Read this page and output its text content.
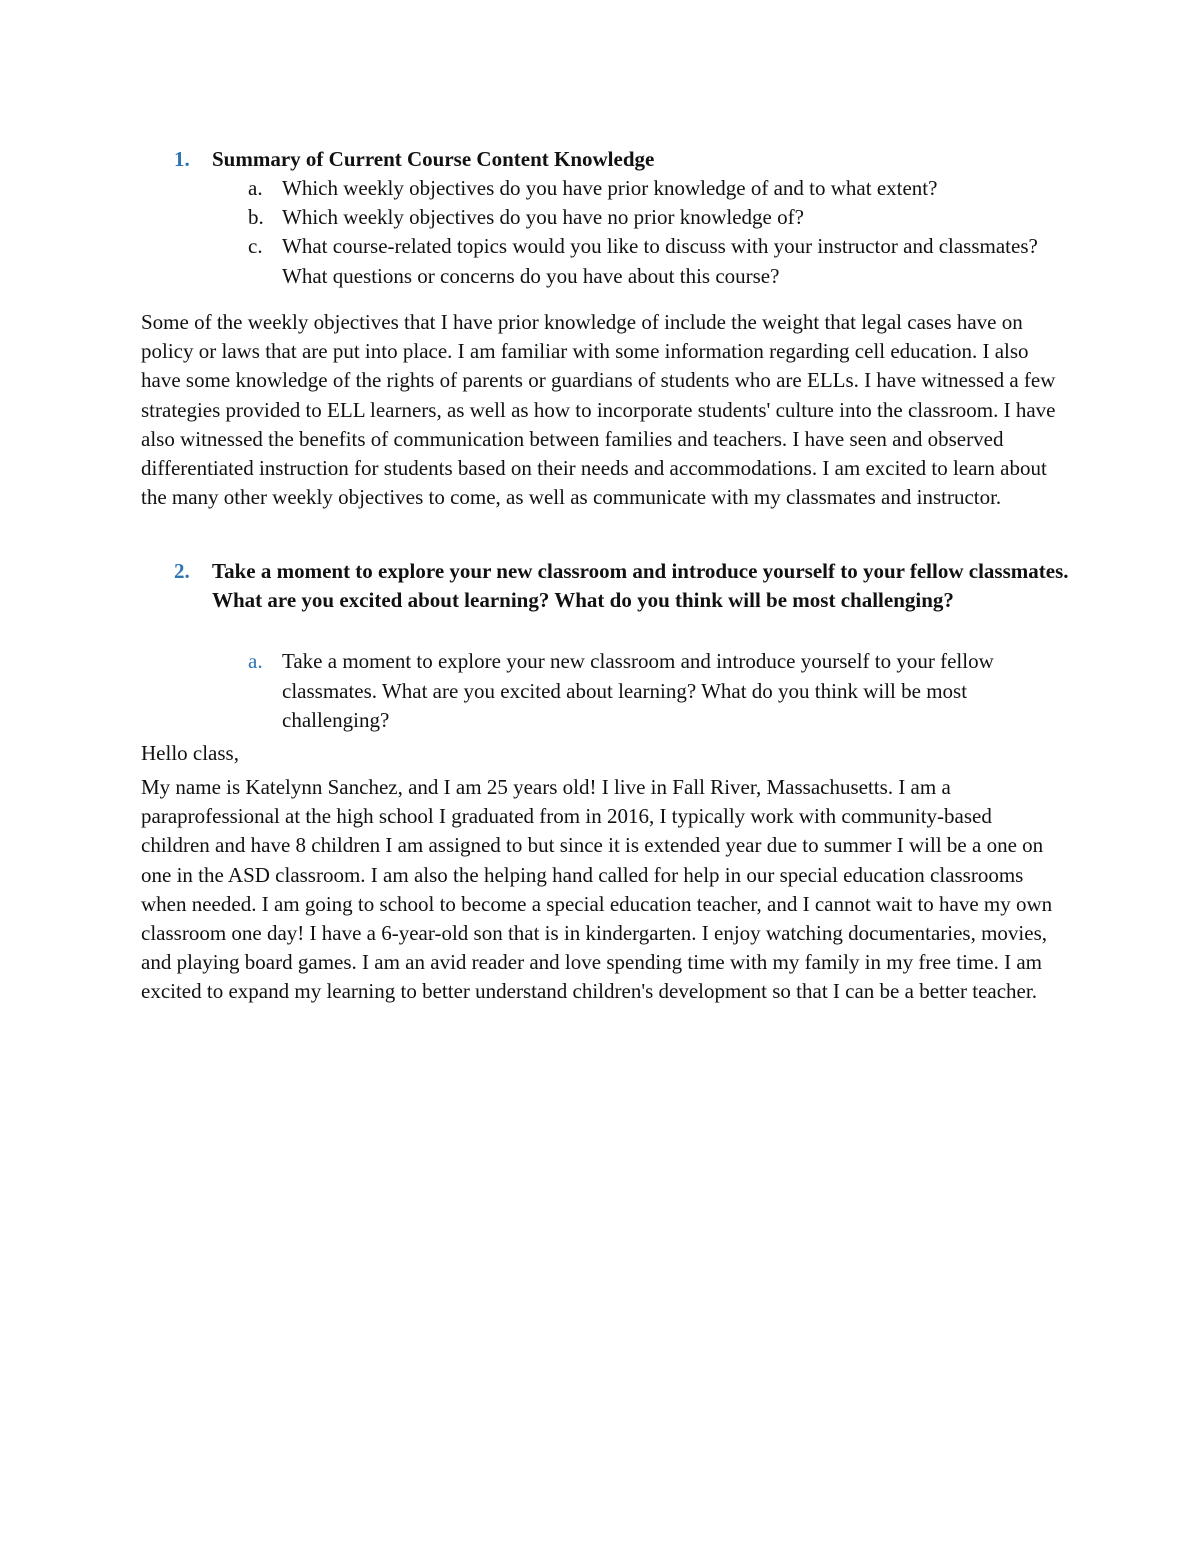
1.	Summary of Current Course Content Knowledge
a. Which weekly objectives do you have prior knowledge of and to what extent?
b. Which weekly objectives do you have no prior knowledge of?
c. What course-related topics would you like to discuss with your instructor and classmates? What questions or concerns do you have about this course?

Some of the weekly objectives that I have prior knowledge of include the weight that legal cases have on policy or laws that are put into place. I am familiar with some information regarding cell education. I also have some knowledge of the rights of parents or guardians of students who are ELLs. I have witnessed a few strategies provided to ELL learners, as well as how to incorporate students' culture into the classroom. I have also witnessed the benefits of communication between families and teachers. I have seen and observed differentiated instruction for students based on their needs and accommodations. I am excited to learn about the many other weekly objectives to come, as well as communicate with my classmates and instructor.

2.	Take a moment to explore your new classroom and introduce yourself to your fellow classmates. What are you excited about learning? What do you think will be most challenging?
a. Take a moment to explore your new classroom and introduce yourself to your fellow classmates. What are you excited about learning? What do you think will be most challenging?

Hello class,

My name is Katelynn Sanchez, and I am 25 years old! I live in Fall River, Massachusetts. I am a paraprofessional at the high school I graduated from in 2016, I typically work with community-based children and have 8 children I am assigned to but since it is extended year due to summer I will be a one on one in the ASD classroom. I am also the helping hand called for help in our special education classrooms when needed. I am going to school to become a special education teacher, and I cannot wait to have my own classroom one day! I have a 6-year-old son that is in kindergarten. I enjoy watching documentaries, movies, and playing board games. I am an avid reader and love spending time with my family in my free time. I am excited to expand my learning to better understand children's development so that I can be a better teacher.
